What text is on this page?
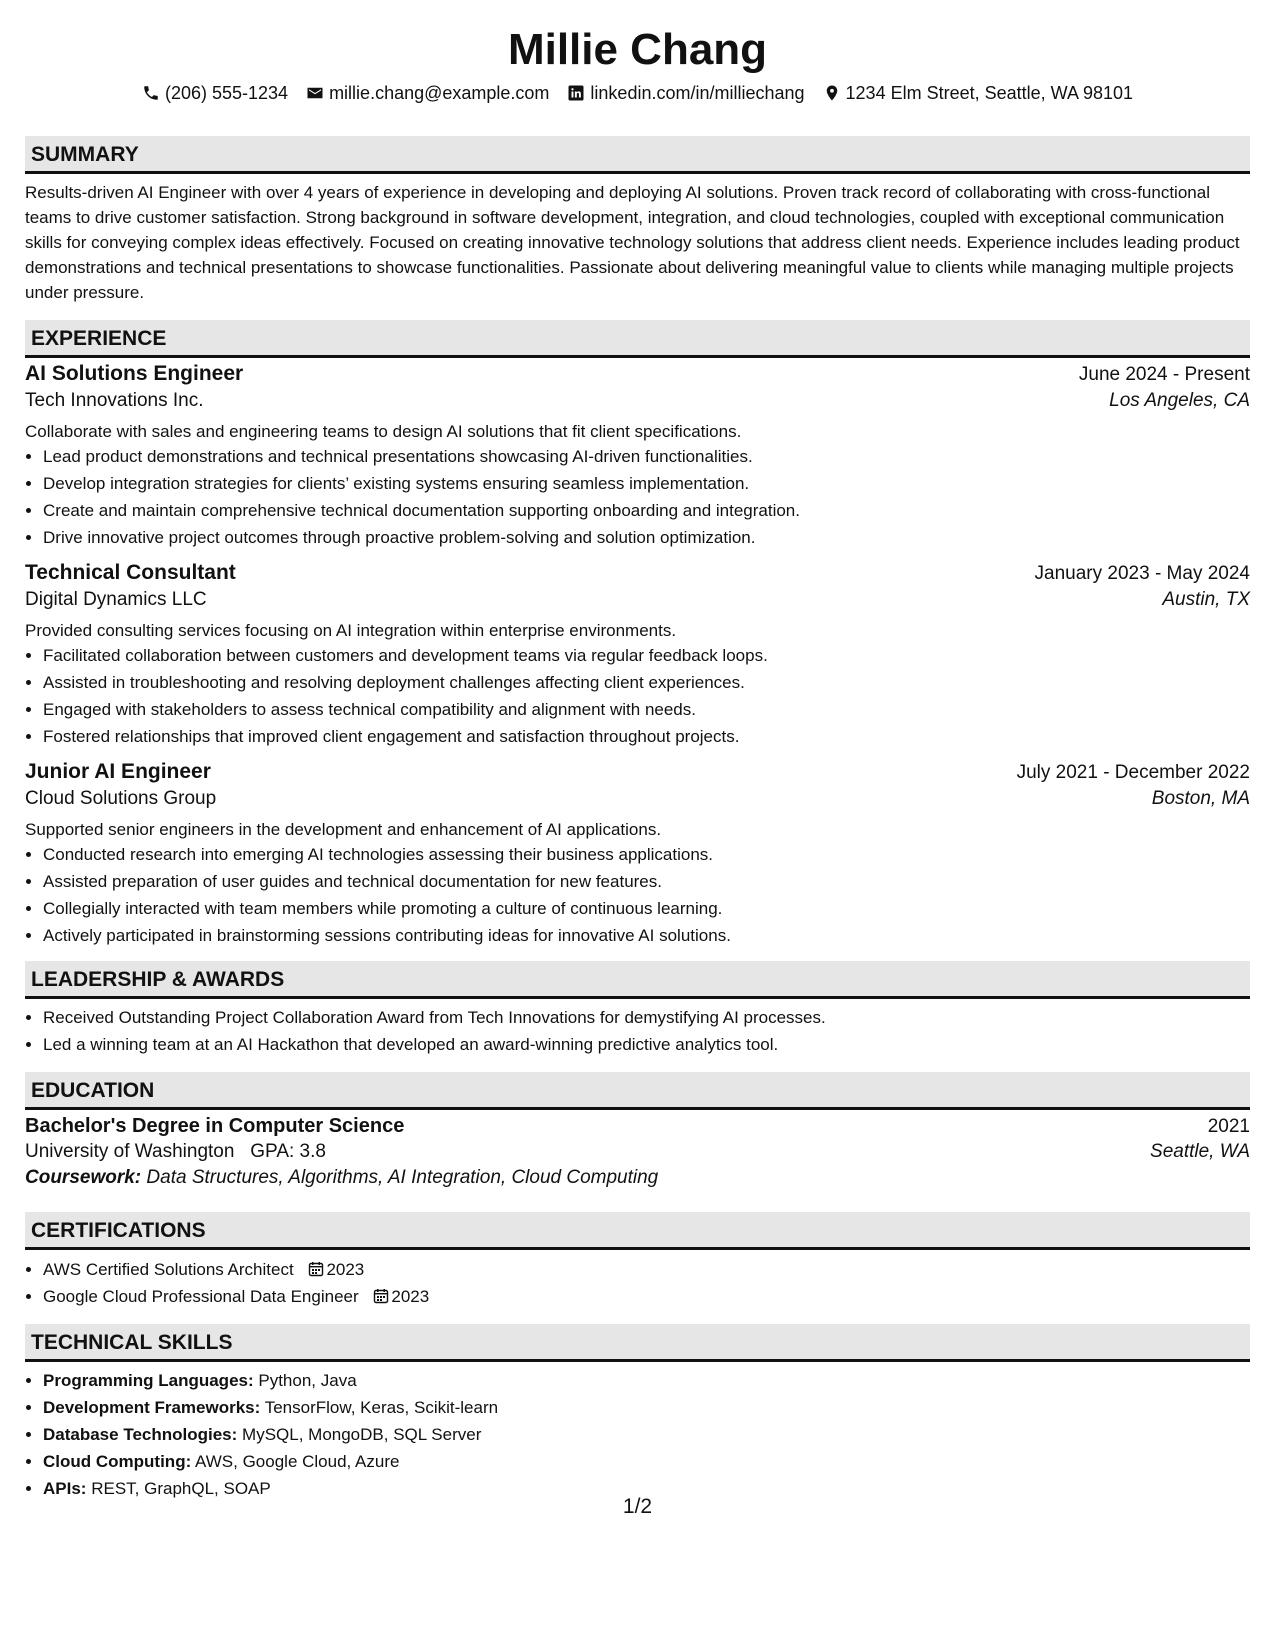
Millie Chang
(206) 555-1234 millie.chang@example.com linkedin.com/in/milliechang 1234 Elm Street, Seattle, WA 98101
SUMMARY
Results-driven AI Engineer with over 4 years of experience in developing and deploying AI solutions. Proven track record of collaborating with cross-functional teams to drive customer satisfaction. Strong background in software development, integration, and cloud technologies, coupled with exceptional communication skills for conveying complex ideas effectively. Focused on creating innovative technology solutions that address client needs. Experience includes leading product demonstrations and technical presentations to showcase functionalities. Passionate about delivering meaningful value to clients while managing multiple projects under pressure.
EXPERIENCE
AI Solutions Engineer	June 2024 - Present
Tech Innovations Inc.	Los Angeles, CA
Collaborate with sales and engineering teams to design AI solutions that fit client specifications.
• Lead product demonstrations and technical presentations showcasing AI-driven functionalities.
• Develop integration strategies for clients’ existing systems ensuring seamless implementation.
• Create and maintain comprehensive technical documentation supporting onboarding and integration.
• Drive innovative project outcomes through proactive problem-solving and solution optimization.
Technical Consultant	January 2023 - May 2024
Digital Dynamics LLC	Austin, TX
Provided consulting services focusing on AI integration within enterprise environments.
• Facilitated collaboration between customers and development teams via regular feedback loops.
• Assisted in troubleshooting and resolving deployment challenges affecting client experiences.
• Engaged with stakeholders to assess technical compatibility and alignment with needs.
• Fostered relationships that improved client engagement and satisfaction throughout projects.
Junior AI Engineer	July 2021 - December 2022
Cloud Solutions Group	Boston, MA
Supported senior engineers in the development and enhancement of AI applications.
• Conducted research into emerging AI technologies assessing their business applications.
• Assisted preparation of user guides and technical documentation for new features.
• Collegially interacted with team members while promoting a culture of continuous learning.
• Actively participated in brainstorming sessions contributing ideas for innovative AI solutions.
LEADERSHIP & AWARDS
• Received Outstanding Project Collaboration Award from Tech Innovations for demystifying AI processes.
• Led a winning team at an AI Hackathon that developed an award-winning predictive analytics tool.
EDUCATION
Bachelor's Degree in Computer Science	2021
University of Washington GPA: 3.8	Seattle, WA
Coursework: Data Structures, Algorithms, AI Integration, Cloud Computing
CERTIFICATIONS
• AWS Certified Solutions Architect 2023
• Google Cloud Professional Data Engineer 2023
TECHNICAL SKILLS
• Programming Languages: Python, Java
• Development Frameworks: TensorFlow, Keras, Scikit-learn
• Database Technologies: MySQL, MongoDB, SQL Server
• Cloud Computing: AWS, Google Cloud, Azure
• APIs: REST, GraphQL, SOAP
1/2
